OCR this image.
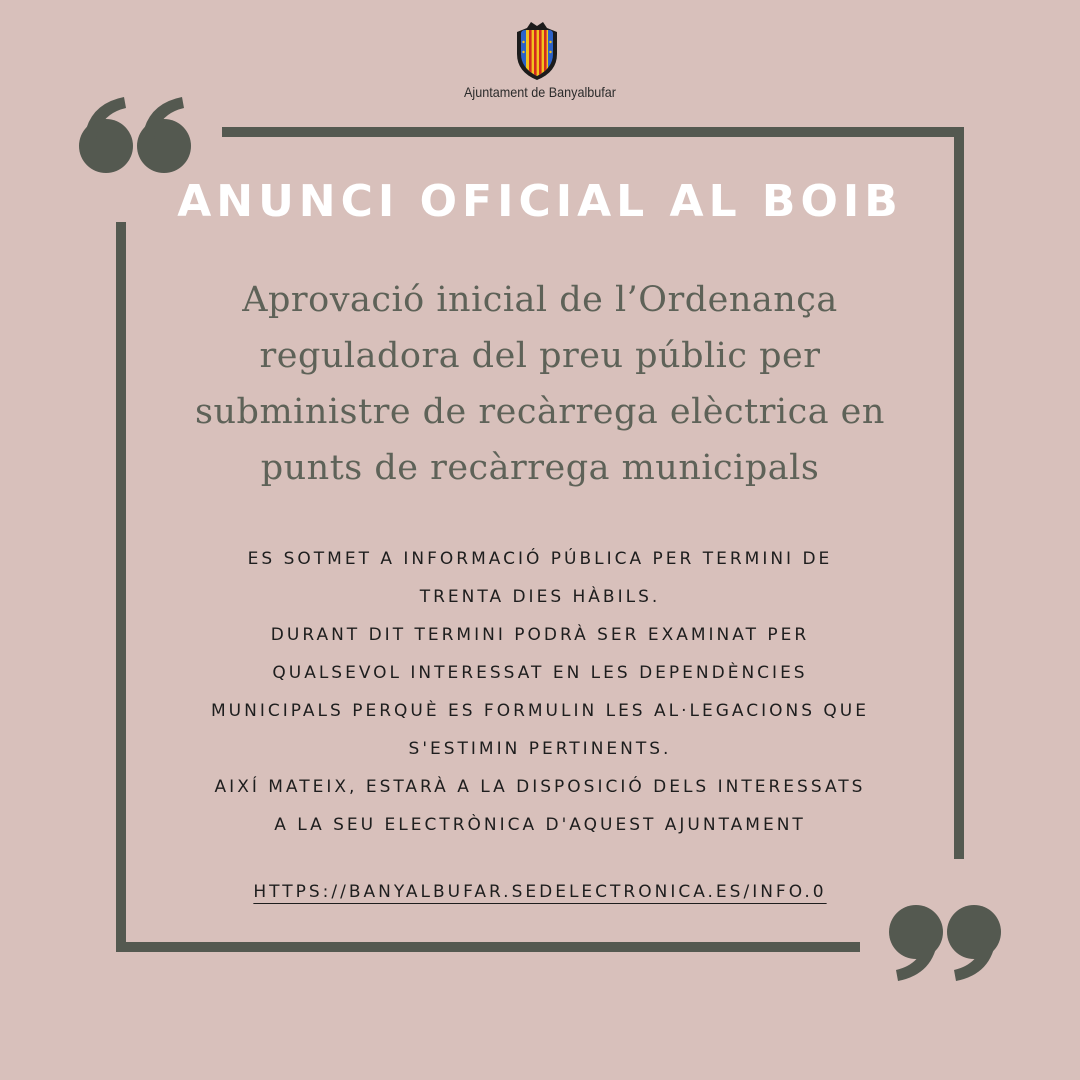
Ajuntament de Banyalbufar
ANUNCI OFICIAL AL BOIB
Aprovació inicial de l’Ordenança
reguladora del preu públic per
subministre de recàrrega elèctrica en
punts de recàrrega municipals
ES SOTMET A INFORMACIÓ PÚBLICA PER TERMINI DE
TRENTA DIES HÀBILS.
DURANT DIT TERMINI PODRÀ SER EXAMINAT PER
QUALSEVOL INTERESSAT EN LES DEPENDÈNCIES
MUNICIPALS PERQUÈ ES FORMULIN LES AL·LEGACIONS QUE
S'ESTIMIN PERTINENTS.
AIXÍ MATEIX, ESTARÀ A LA DISPOSICIÓ DELS INTERESSATS
A LA SEU ELECTRÒNICA D'AQUEST AJUNTAMENT
HTTPS://BANYALBUFAR.SEDELECTRONICA.ES/INFO.0
